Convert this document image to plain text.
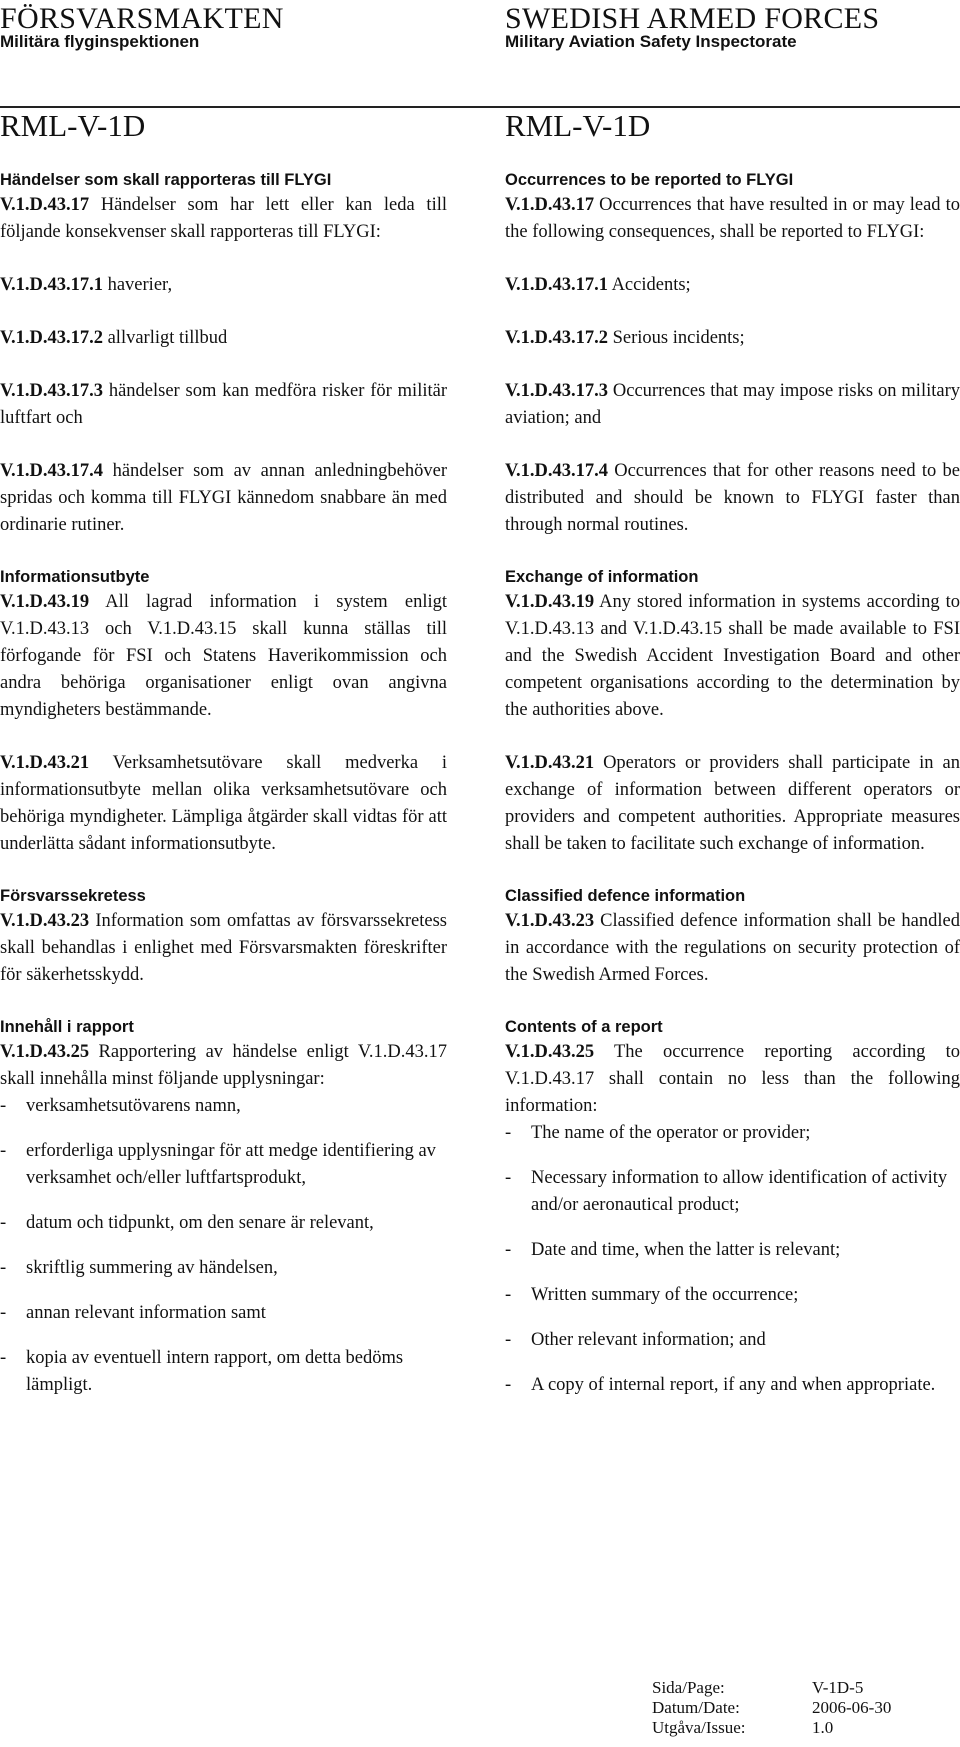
FÖRSVARSMAKTEN
Militära flyginspektionen
SWEDISH ARMED FORCES
Military Aviation Safety Inspectorate
RML-V-1D	RML-V-1D
Händelser som skall rapporteras till FLYGI

V.1.D.43.17 Händelser som har lett eller kan leda till följande konsekvenser skall rapporteras till FLYGI:

V.1.D.43.17.1 haverier,

V.1.D.43.17.2 allvarligt tillbud

V.1.D.43.17.3 händelser som kan medföra risker för militär luftfart och

V.1.D.43.17.4 händelser som av annan anledningbehöver spridas och komma till FLYGI kännedom snabbare än med ordinarie rutiner.

Informationsutbyte

V.1.D.43.19 All lagrad information i system enligt V.1.D.43.13 och V.1.D.43.15 skall kunna ställas till förfogande för FSI och Statens Haverikommission och andra behöriga organisationer enligt ovan angivna myndigheters bestämmande.

V.1.D.43.21 Verksamhetsutövare skall medverka i informationsutbyte mellan olika verksamhetsutövare och behöriga myndigheter. Lämpliga åtgärder skall vidtas för att underlätta sådant informationsutbyte.

Försvarssekretess

V.1.D.43.23 Information som omfattas av försvarssekretess skall behandlas i enlighet med Försvarsmakten föreskrifter för säkerhetsskydd.

Innehåll i rapport

V.1.D.43.25 Rapportering av händelse enligt V.1.D.43.17 skall innehålla minst följande upplysningar:

-	verksamhetsutövarens namn,
-	erforderliga upplysningar för att medge identifiering av verksamhet och/eller luftfartsprodukt,
-	datum och tidpunkt, om den senare är relevant,
-	skriftlig summering av händelsen,
-	annan relevant information samt
-	kopia av eventuell intern rapport, om detta bedöms lämpligt.
Occurrences to be reported to FLYGI

V.1.D.43.17 Occurrences that have resulted in or may lead to the following consequences, shall be reported to FLYGI:

V.1.D.43.17.1 Accidents;

V.1.D.43.17.2 Serious incidents;

V.1.D.43.17.3 Occurrences that may impose risks on military aviation; and

V.1.D.43.17.4 Occurrences that for other reasons need to be distributed and should be known to FLYGI faster than through normal routines.

Exchange of information

V.1.D.43.19 Any stored information in systems according to V.1.D.43.13 and V.1.D.43.15 shall be made available to FSI and the Swedish Accident Investigation Board and other competent organisations according to the determination by the authorities above.

V.1.D.43.21 Operators or providers shall participate in an exchange of information between different operators or providers and competent authorities. Appropriate measures shall be taken to facilitate such exchange of information.

Classified defence information

V.1.D.43.23 Classified defence information shall be handled in accordance with the regulations on security protection of the Swedish Armed Forces.

Contents of a report

V.1.D.43.25 The occurrence reporting according to V.1.D.43.17 shall contain no less than the following information:

-	The name of the operator or provider;
-	Necessary information to allow identification of activity and/or aeronautical product;
-	Date and time, when the latter is relevant;
-	Written summary of the occurrence;
-	Other relevant information; and
-	A copy of internal report, if any and when appropriate.
Sida/Page:	V-1D-5
Datum/Date:	2006-06-30
Utgåva/Issue:	1.0
